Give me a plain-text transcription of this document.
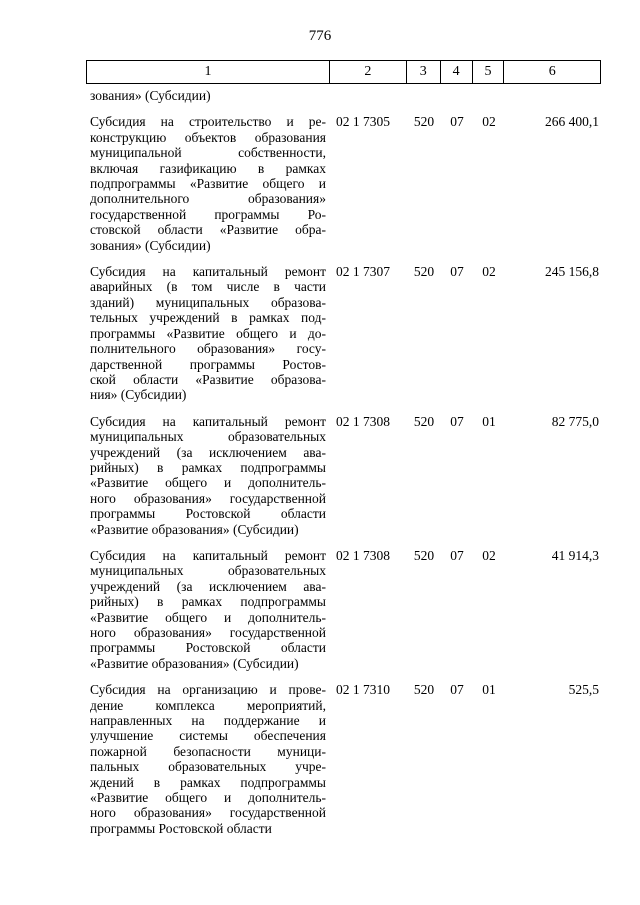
776
1	2	3	4	5	6
зования» (Субсидии)
Субсидия на строительство и ре-
конструкцию объектов образования
муниципальной собственности,
включая газификацию в рамках
подпрограммы «Развитие общего и
дополнительного образования»
государственной программы Ро-
стовской области «Развитие обра-
зования» (Субсидии)
02 1 7305	520	07	02	266 400,1
Субсидия на капитальный ремонт
аварийных (в том числе в части
зданий) муниципальных образова-
тельных учреждений в рамках под-
программы «Развитие общего и до-
полнительного образования» госу-
дарственной программы Ростов-
ской области «Развитие образова-
ния» (Субсидии)
02 1 7307	520	07	02	245 156,8
Субсидия на капитальный ремонт
муниципальных образовательных
учреждений (за исключением ава-
рийных) в рамках подпрограммы
«Развитие общего и дополнитель-
ного образования» государственной
программы Ростовской области
«Развитие образования» (Субсидии)
02 1 7308	520	07	01	82 775,0
Субсидия на капитальный ремонт
муниципальных образовательных
учреждений (за исключением ава-
рийных) в рамках подпрограммы
«Развитие общего и дополнитель-
ного образования» государственной
программы Ростовской области
«Развитие образования» (Субсидии)
02 1 7308	520	07	02	41 914,3
Субсидия на организацию и прове-
дение комплекса мероприятий,
направленных на поддержание и
улучшение системы обеспечения
пожарной безопасности муници-
пальных образовательных учре-
ждений в рамках подпрограммы
«Развитие общего и дополнитель-
ного образования» государственной
программы Ростовской области
02 1 7310	520	07	01	525,5
